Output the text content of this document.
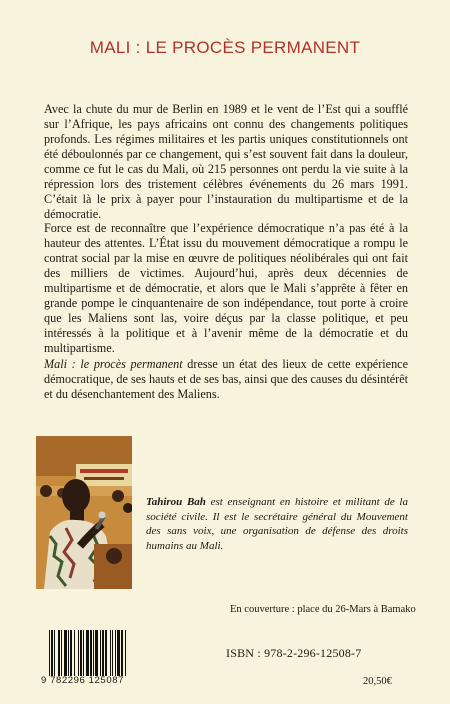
MALI : LE PROCÈS PERMANENT

Avec la chute du mur de Berlin en 1989 et le vent de l’Est qui a soufflé sur l’Afrique, les pays africains ont connu des changements politiques profonds. Les régimes militaires et les partis uniques constitutionnels ont été déboulonnés par ce changement, qui s’est souvent fait dans la douleur, comme ce fut le cas du Mali, où 215 personnes ont perdu la vie suite à la répression lors des tristement célèbres événements du 26 mars 1991. C’était là le prix à payer pour l’instauration du multipartisme et de la démocratie.

Force est de reconnaître que l’expérience démocratique n’a pas été à la hauteur des attentes. L’État issu du mouvement démocratique a rompu le contrat social par la mise en œuvre de politiques néolibérales qui ont fait des milliers de victimes. Aujourd’hui, après deux décennies de multipartisme et de démocratie, et alors que le Mali s’apprête à fêter en grande pompe le cinquantenaire de son indépendance, tout porte à croire que les Maliens sont las, voire déçus par la classe politique, et peu intéressés à la politique et à l’avenir même de la démocratie et du multipartisme.

Mali : le procès permanent dresse un état des lieux de cette expérience démocratique, de ses hauts et de ses bas, ainsi que des causes du désintérêt et du désenchantement des Maliens.

Tahirou Bah est enseignant en histoire et militant de la société civile. Il est le secrétaire général du Mouvement des sans voix, une organisation de défense des droits humains au Mali.

En couverture : place du 26-Mars à Bamako
9 782296 125087
ISBN : 978-2-296-12508-7
20,50€
